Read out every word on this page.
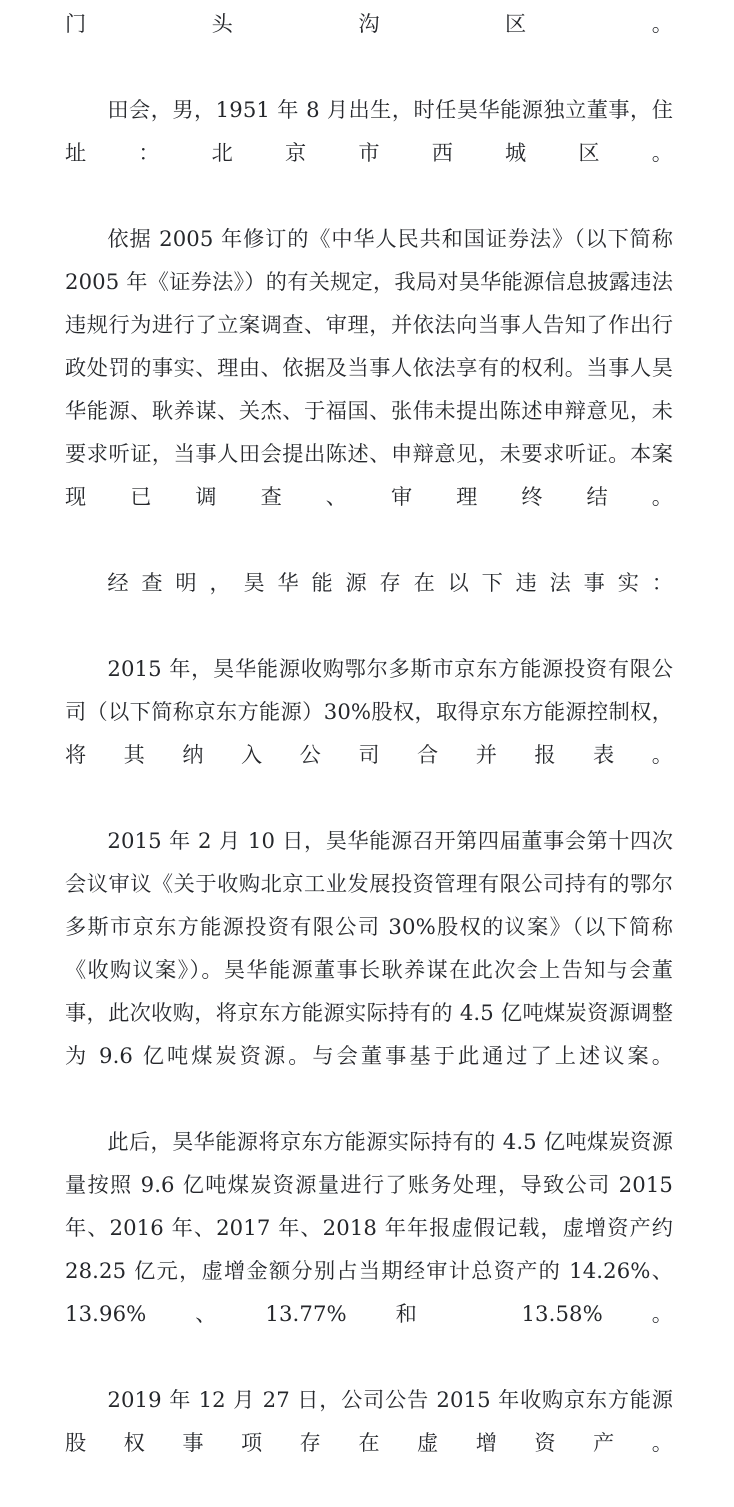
门头沟区。

田会，男，1951 年 8 月出生，时任昊华能源独立董事，住址：北京市西城区。

依据 2005 年修订的《中华人民共和国证券法》（以下简称 2005 年《证券法》）的有关规定，我局对昊华能源信息披露违法违规行为进行了立案调查、审理，并依法向当事人告知了作出行政处罚的事实、理由、依据及当事人依法享有的权利。当事人昊华能源、耿养谋、关杰、于福国、张伟未提出陈述申辩意见，未要求听证，当事人田会提出陈述、申辩意见，未要求听证。本案现已调查、审理终结。

经查明，昊华能源存在以下违法事实：

2015 年，昊华能源收购鄂尔多斯市京东方能源投资有限公司（以下简称京东方能源）30%股权，取得京东方能源控制权，将其纳入公司合并报表。

2015 年 2 月 10 日，昊华能源召开第四届董事会第十四次会议审议《关于收购北京工业发展投资管理有限公司持有的鄂尔多斯市京东方能源投资有限公司 30%股权的议案》（以下简称《收购议案》）。昊华能源董事长耿养谋在此次会上告知与会董事，此次收购，将京东方能源实际持有的 4.5 亿吨煤炭资源调整为 9.6 亿吨煤炭资源。与会董事基于此通过了上述议案。

此后，昊华能源将京东方能源实际持有的 4.5 亿吨煤炭资源量按照 9.6 亿吨煤炭资源量进行了账务处理，导致公司 2015 年、2016 年、2017 年、2018 年年报虚假记载，虚增资产约 28.25 亿元，虚增金额分别占当期经审计总资产的 14.26%、13.96%、13.77%和 13.58%。

2019 年 12 月 27 日，公司公告 2015 年收购京东方能源股权事项存在虚增资产。
